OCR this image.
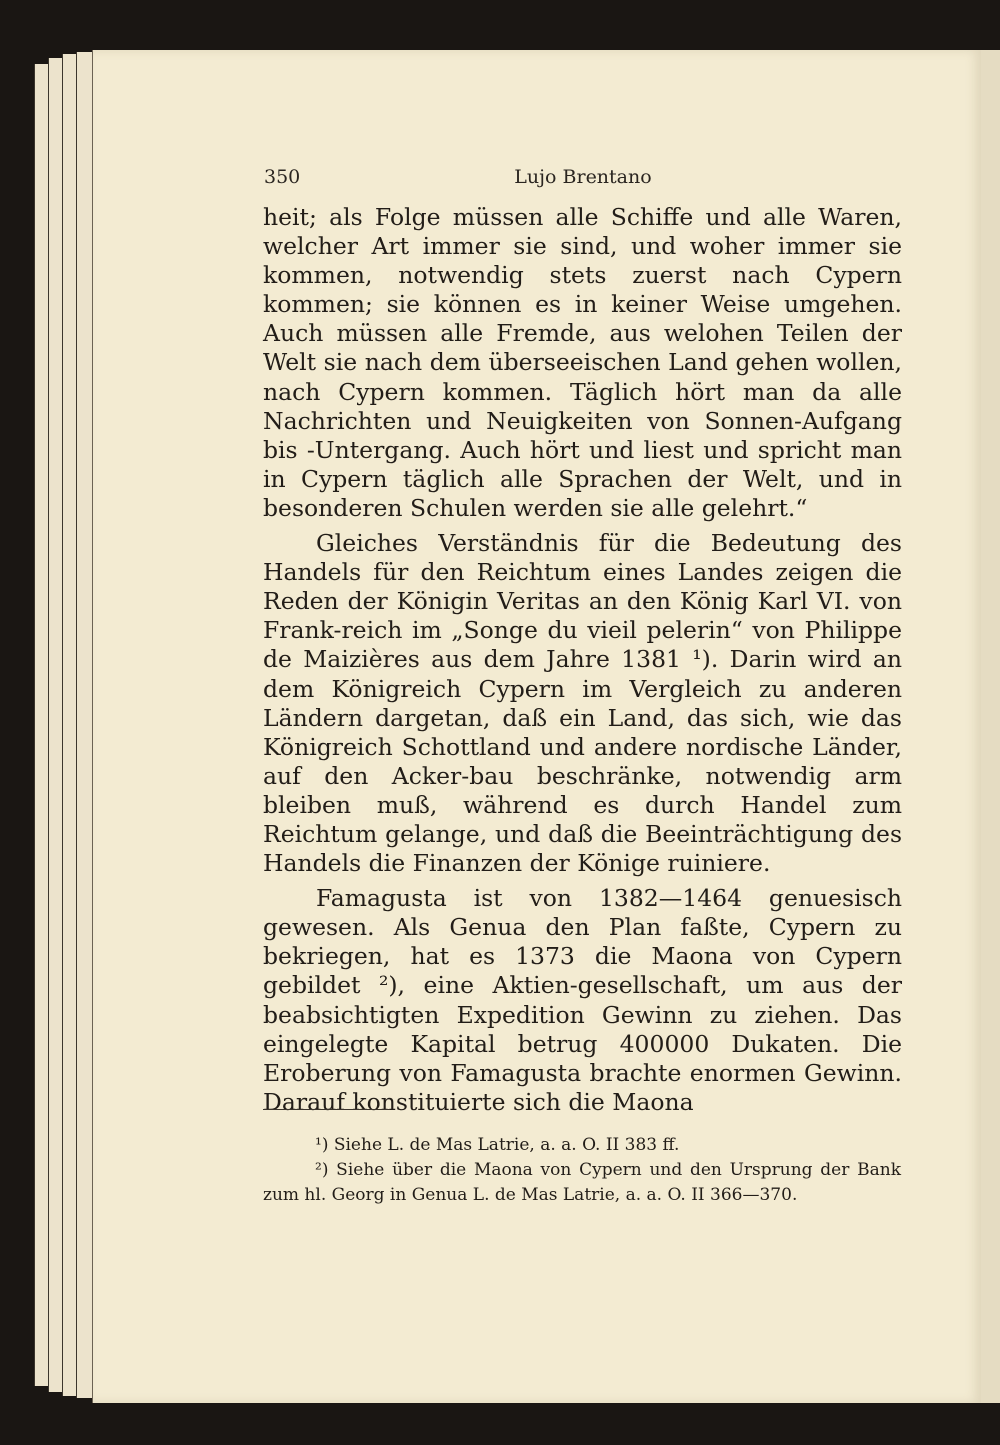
350	Lujo Brentano

heit; als Folge müssen alle Schiffe und alle Waren, welcher Art immer sie sind, und woher immer sie kommen, notwendig stets zuerst nach Cypern kommen; sie können es in keiner Weise umgehen. Auch müssen alle Fremde, aus welohen Teilen der Welt sie nach dem überseeischen Land gehen wollen, nach Cypern kommen. Täglich hört man da alle Nachrichten und Neuigkeiten von Sonnen-Aufgang bis -Untergang. Auch hört und liest und spricht man in Cypern täglich alle Sprachen der Welt, und in besonderen Schulen werden sie alle gelehrt.“

Gleiches Verständnis für die Bedeutung des Handels für den Reichtum eines Landes zeigen die Reden der Königin Veritas an den König Karl VI. von Frank-reich im „Songe du vieil pelerin“ von Philippe de Maizières aus dem Jahre 1381 ¹). Darin wird an dem Königreich Cypern im Vergleich zu anderen Ländern dargetan, daß ein Land, das sich, wie das Königreich Schottland und andere nordische Länder, auf den Acker-bau beschränke, notwendig arm bleiben muß, während es durch Handel zum Reichtum gelange, und daß die Beeinträchtigung des Handels die Finanzen der Könige ruiniere.

Famagusta ist von 1382—1464 genuesisch gewesen. Als Genua den Plan faßte, Cypern zu bekriegen, hat es 1373 die Maona von Cypern gebildet ²), eine Aktien-gesellschaft, um aus der beabsichtigten Expedition Gewinn zu ziehen. Das eingelegte Kapital betrug 400000 Dukaten. Die Eroberung von Famagusta brachte enormen Gewinn. Darauf konstituierte sich die Maona

¹) Siehe L. de Mas Latrie, a. a. O. II 383 ff.

²) Siehe über die Maona von Cypern und den Ursprung der Bank zum hl. Georg in Genua L. de Mas Latrie, a. a. O. II 366—370.
